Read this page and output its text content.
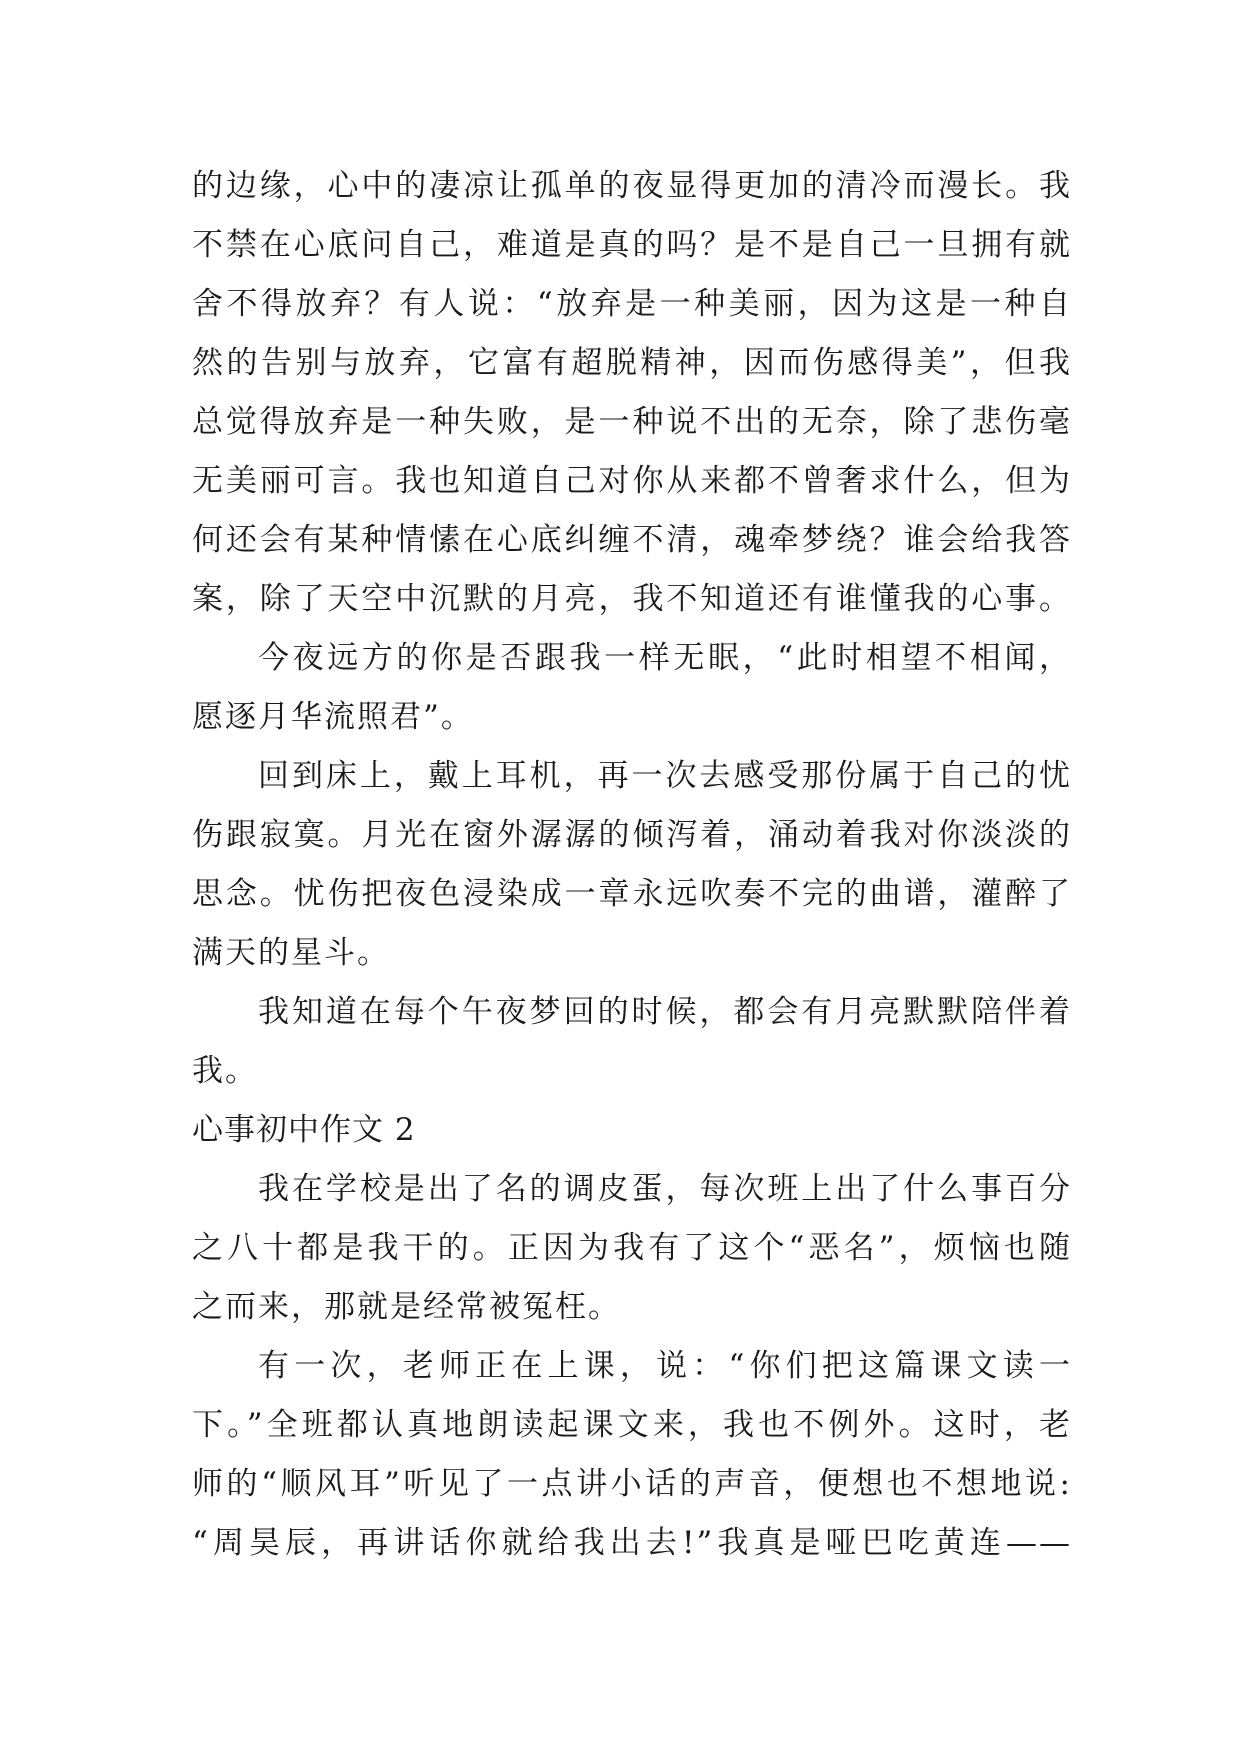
的边缘，心中的凄凉让孤单的夜显得更加的清冷而漫长。我
不禁在心底问自己，难道是真的吗？是不是自己一旦拥有就
舍不得放弃？有人说：“放弃是一种美丽，因为这是一种自
然的告别与放弃，它富有超脱精神，因而伤感得美”，但我
总觉得放弃是一种失败，是一种说不出的无奈，除了悲伤毫
无美丽可言。我也知道自己对你从来都不曾奢求什么，但为
何还会有某种情愫在心底纠缠不清，魂牵梦绕？谁会给我答
案，除了天空中沉默的月亮，我不知道还有谁懂我的心事。
今夜远方的你是否跟我一样无眠，“此时相望不相闻，
愿逐月华流照君”。
回到床上，戴上耳机，再一次去感受那份属于自己的忧
伤跟寂寞。月光在窗外潺潺的倾泻着，涌动着我对你淡淡的
思念。忧伤把夜色浸染成一章永远吹奏不完的曲谱，灌醉了
满天的星斗。
我知道在每个午夜梦回的时候，都会有月亮默默陪伴着
我。
心事初中作文 2
我在学校是出了名的调皮蛋，每次班上出了什么事百分
之八十都是我干的。正因为我有了这个“恶名”，烦恼也随
之而来，那就是经常被冤枉。
有一次，老师正在上课，说：“你们把这篇课文读一
下。”全班都认真地朗读起课文来，我也不例外。这时，老
师的“顺风耳”听见了一点讲小话的声音，便想也不想地说:
“周昊辰，再讲话你就给我出去!”我真是哑巴吃黄连——
